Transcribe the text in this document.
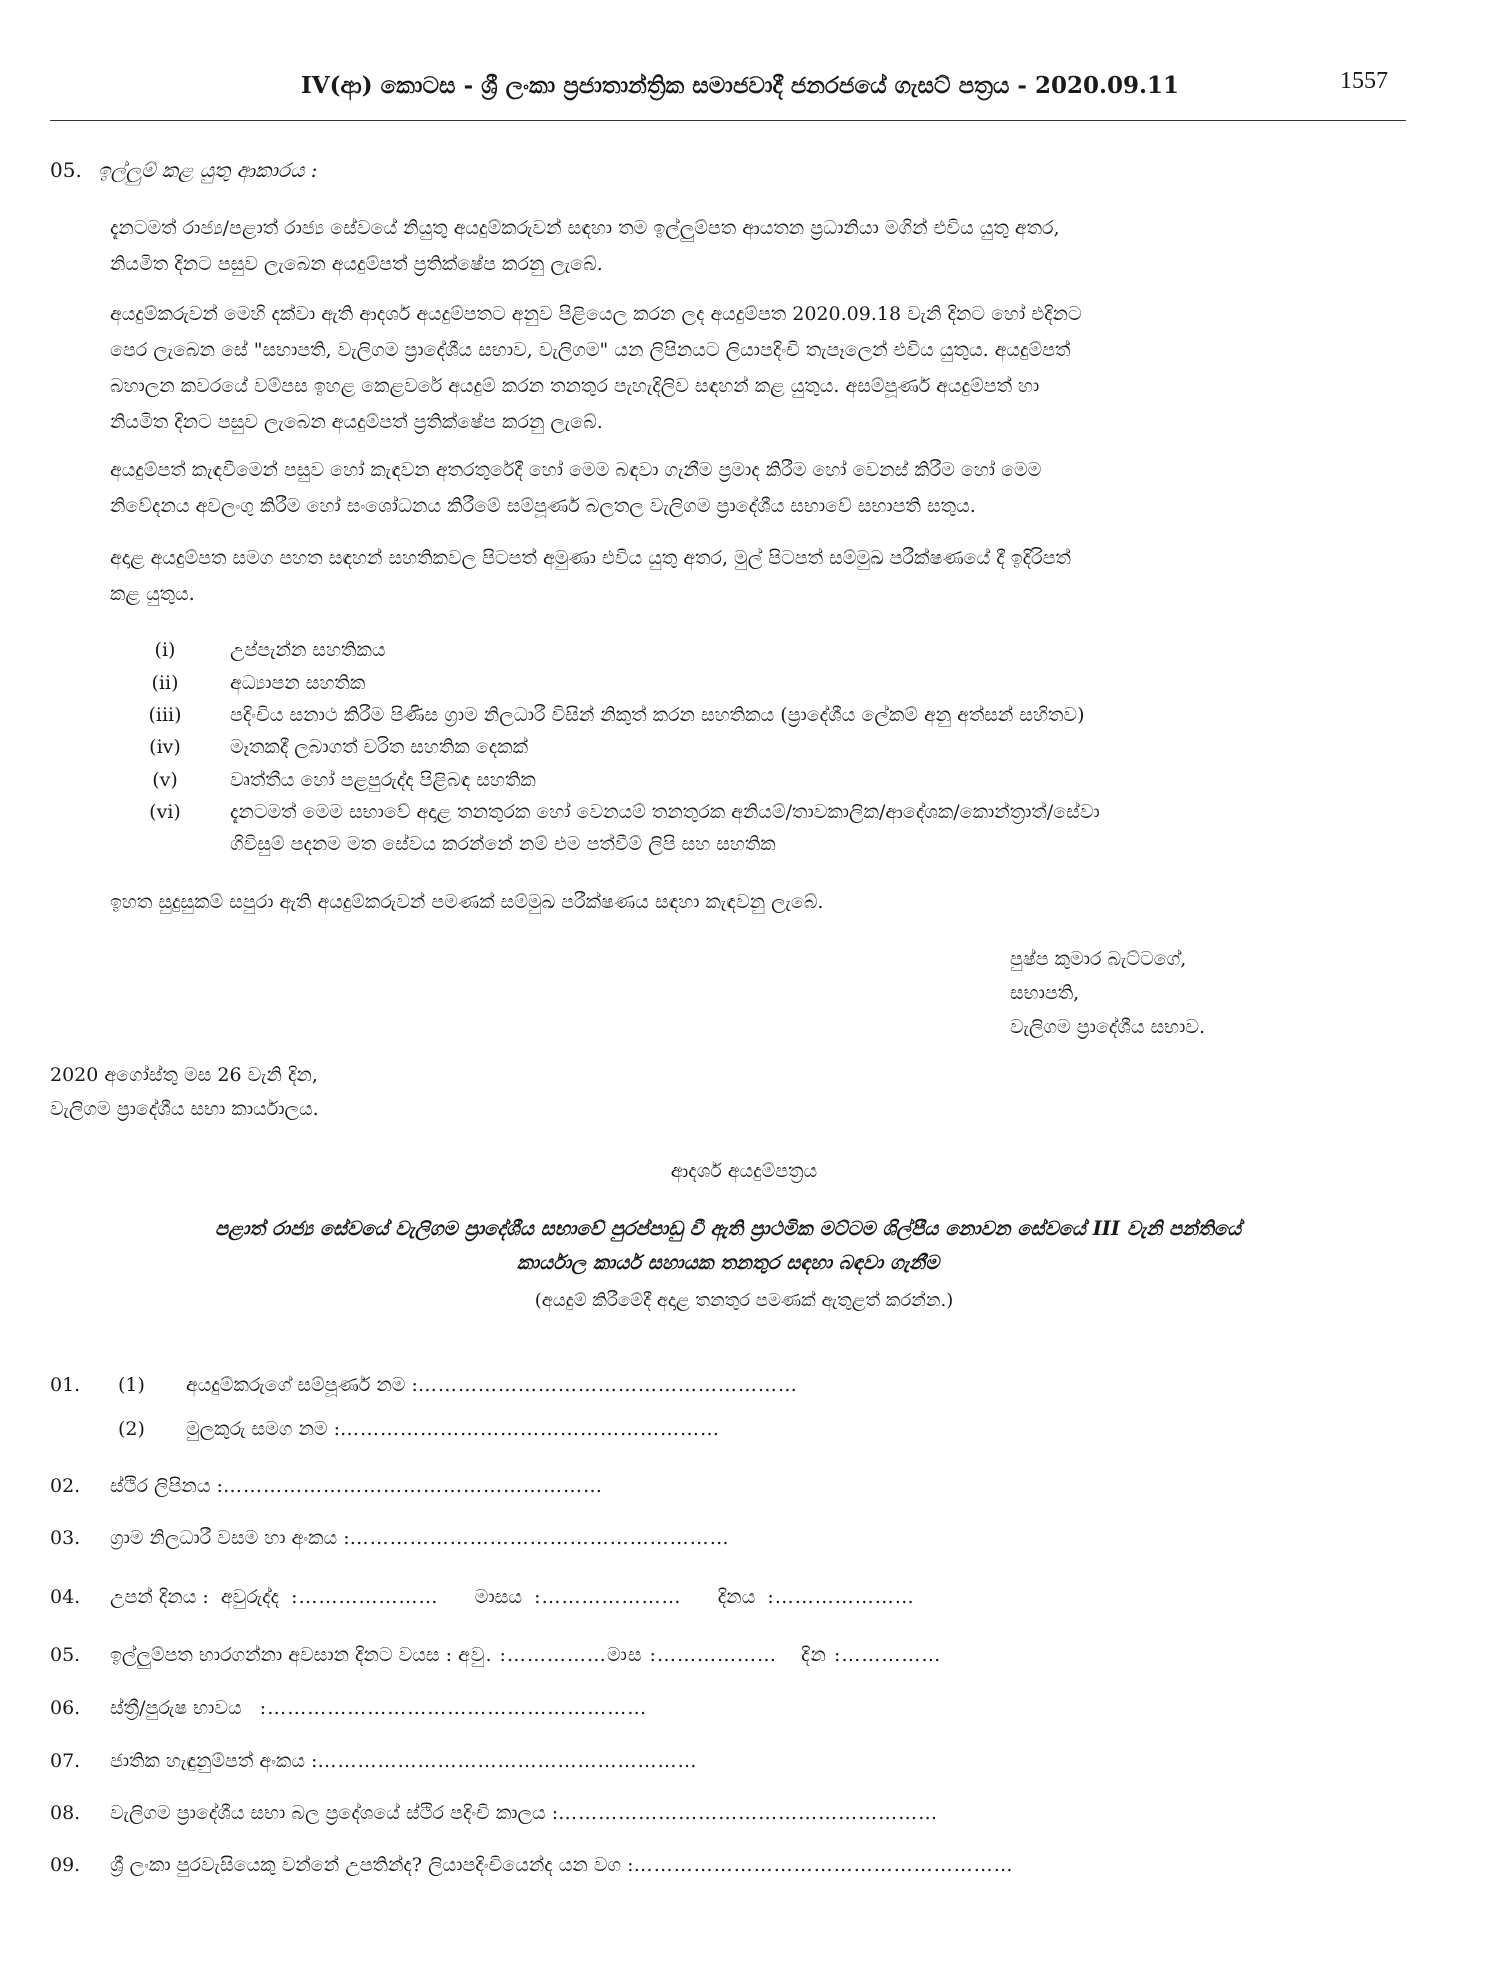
IV(ආ) කොටස - ශ්‍රී ලංකා ප්‍රජාතාන්ත්‍රික සමාජවාදී ජනරජයේ ගැසට් පත්‍රය - 2020.09.11	1557
05. ඉල්ලුම් කළ යුතු ආකාරය :
දැනටමත් රාජ්‍ය/පළාත් රාජ්‍ය සේවයේ නියුතු අයදුම්කරුවන් සඳහා තම ඉල්ලුම්පත ආයතන ප්‍රධානියා මගින් එවිය යුතු අතර,
නියමිත දිනට පසුව ලැබෙන අයදුම්පත් ප්‍රතික්ෂේප කරනු ලැබේ.
අයදුම්කරුවන් මෙහි දක්වා ඇති ආදර්ශ අයදුම්පතට අනුව පිළියෙල කරන ලද අයදුම්පත 2020.09.18 වැනි දිනට හෝ එදිනට
පෙර ලැබෙන සේ "සභාපති, වැලිගම ප්‍රාදේශීය සභාව, වැලිගම" යන ලිපිනයට ලියාපදිංචි තැපෑලෙන් එවිය යුතුය. අයදුම්පත්
බහාලන කවරයේ වම්පස ඉහළ කෙළවරේ අයදුම් කරන තනතුර පැහැදිලිව සඳහන් කළ යුතුය. අසම්පූර්ණ අයදුම්පත් හා
නියමිත දිනට පසුව ලැබෙන අයදුම්පත් ප්‍රතික්ෂේප කරනු ලැබේ.
අයදුම්පත් කැඳවීමෙන් පසුව හෝ කැඳවන අතරතුරේදී හෝ මෙම බඳවා ගැනීම ප්‍රමාද කිරීම හෝ වෙනස් කිරීම හෝ මෙම
නිවේදනය අවලංගු කිරීම හෝ සංශෝධනය කිරීමේ සම්පූර්ණ බලතල වැලිගම ප්‍රාදේශීය සභාවේ සභාපති සතුය.
අදාළ අයදුම්පත සමග පහත සඳහන් සහතිකවල පිටපත් අමුණා එවිය යුතු අතර, මුල් පිටපත් සම්මුඛ පරීක්ෂණයේ දී ඉදිරිපත්
කළ යුතුය.
(i)	උප්පැන්න සහතිකය
(ii)	අධ්‍යාපන සහතික
(iii)	පදිංචිය සනාථ කිරීම පිණිස ග්‍රාම නිලධාරී විසින් නිකුත් කරන සහතිකය (ප්‍රාදේශීය ලේකම් අනු අත්සන් සහිතව)
(iv)	මෑතකදී ලබාගත් චරිත සහතික දෙකක්
(v)	වෘත්තීය හෝ පළපුරුද්ද පිළිබඳ සහතික
(vi)	දැනටමත් මෙම සභාවේ අදාළ තනතුරක හෝ වෙනයම් තනතුරක අනියම්/තාවකාලික/ආදේශක/කොන්ත්‍රාත්/සේවා
ගිවිසුම් පදනම මත සේවය කරන්නේ නම් එම පත්වීම් ලිපි සහ සහතික
ඉහත සුදුසුකම් සපුරා ඇති අයදුම්කරුවන් පමණක් සම්මුඛ පරීක්ෂණය සඳහා කැඳවනු ලැබේ.
පුෂ්ප කුමාර බැට්ටගේ,
සභාපති,
වැලිගම ප්‍රාදේශීය සභාව.
2020 අගෝස්තු මස 26 වැනි දින,
වැලිගම ප්‍රාදේශීය සභා කාර්යාලය.
ආදර්ශ අයදුම්පත්‍රය
පළාත් රාජ්‍ය සේවයේ වැලිගම ප්‍රාදේශීය සභාවේ පුරප්පාඩු වී ඇති ප්‍රාථමික මට්ටම ශිල්පීය නොවන සේවයේ III වැනි පන්තියේ
කාර්යාල කාර්ය සහායක තනතුර සඳහා බඳවා ගැනීම
(අයදුම් කිරීමේදී අදාළ තනතුර පමණක් ඇතුළත් කරන්න.)
01. (1) අයදුම්කරුගේ සම්පූර්ණ නම :…………………………………………………
(2) මුලකුරු සමග නම :…………………………………………………
02. ස්ථිර ලිපිනය :…………………………………………………
03. ග්‍රාම නිලධාරී වසම හා අංකය :…………………………………………………
04. උපන් දිනය : අවුරුද්ද :………………… මාසය :………………… දිනය :…………………
05. ඉල්ලුම්පත භාරගන්නා අවසාන දිනට වයස : අවු. :……………මාස :……………… දින :……………
06. ස්ත්‍රී/පුරුෂ භාවය :…………………………………………………
07. ජාතික හැඳුනුම්පත් අංකය :…………………………………………………
08. වැලිගම ප්‍රාදේශීය සභා බල ප්‍රදේශයේ ස්ථිර පදිංචි කාලය :…………………………………………………
09. ශ්‍රී ලංකා පුරවැසියෙකු වන්නේ උපතින්ද? ලියාපදිංචියෙන්ද යන වග :…………………………………………………
